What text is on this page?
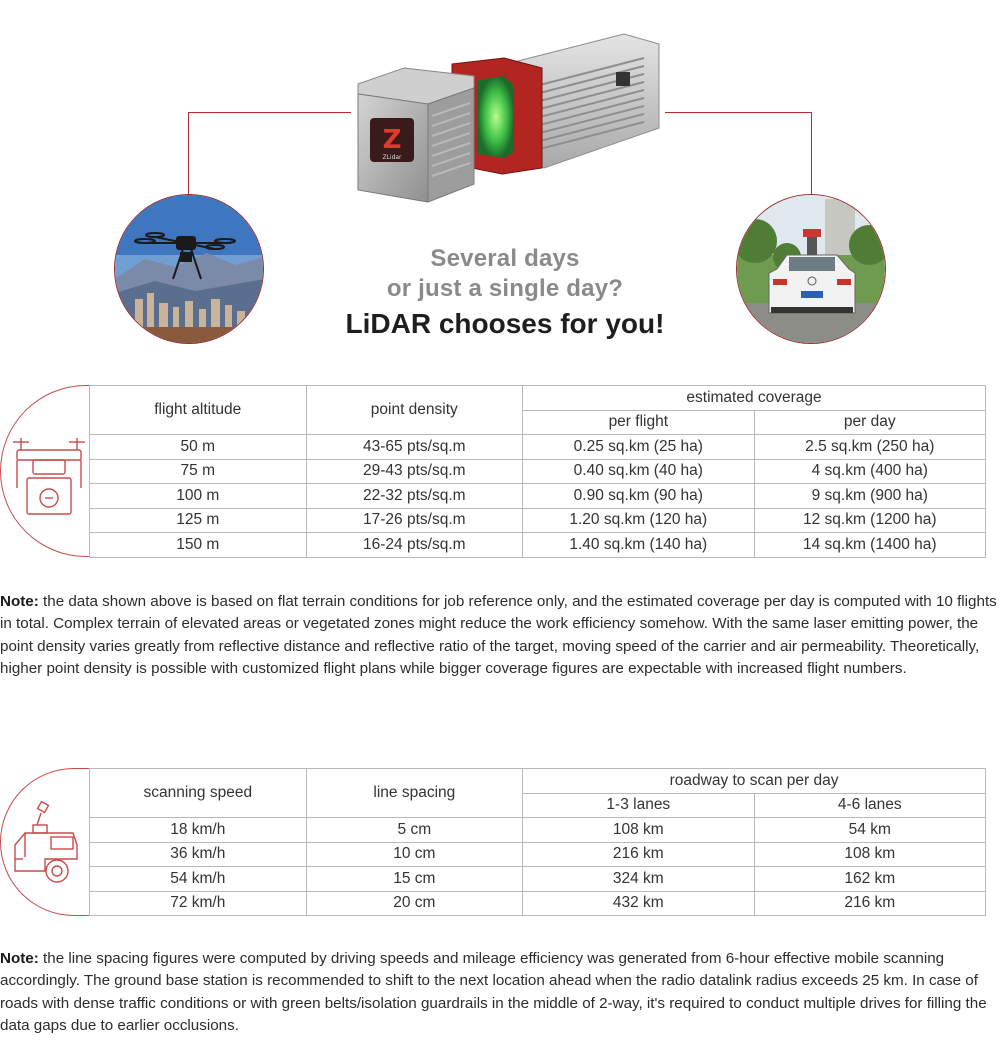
Z
ZLidar
Several days
or just a single day?
LiDAR chooses for you!
flight altitude	point density	estimated coverage	
		per flight	per day
50 m	43-65 pts/sq.m	0.25 sq.km (25 ha)	2.5 sq.km (250 ha)
75 m	29-43 pts/sq.m	0.40 sq.km (40 ha)	4 sq.km (400 ha)
100 m	22-32 pts/sq.m	0.90 sq.km (90 ha)	9 sq.km (900 ha)
125 m	17-26 pts/sq.m	1.20 sq.km (120 ha)	12 sq.km (1200 ha)
150 m	16-24 pts/sq.m	1.40 sq.km (140 ha)	14 sq.km (1400 ha)

Note: the data shown above is based on flat terrain conditions for job reference only, and the estimated coverage per day is computed with 10 flights in total. Complex terrain of elevated areas or vegetated zones might reduce the work efficiency somehow. With the same laser emitting power, the point density varies greatly from reflective distance and reflective ratio of the target, moving speed of the carrier and air permeability. Theoretically, higher point density is possible with customized flight plans while bigger coverage figures are expectable with increased flight numbers.

scanning speed	line spacing	roadway to scan per day	
		1-3 lanes	4-6 lanes
18 km/h	5 cm	108 km	54 km
36 km/h	10 cm	216 km	108 km
54 km/h	15 cm	324 km	162 km
72 km/h	20 cm	432 km	216 km

Note: the line spacing figures were computed by driving speeds and mileage efficiency was generated from 6-hour effective mobile scanning accordingly. The ground base station is recommended to shift to the next location ahead when the radio datalink radius exceeds 25 km. In case of roads with dense traffic conditions or with green belts/isolation guardrails in the middle of 2-way, it's required to conduct multiple drives for filling the data gaps due to earlier occlusions.
